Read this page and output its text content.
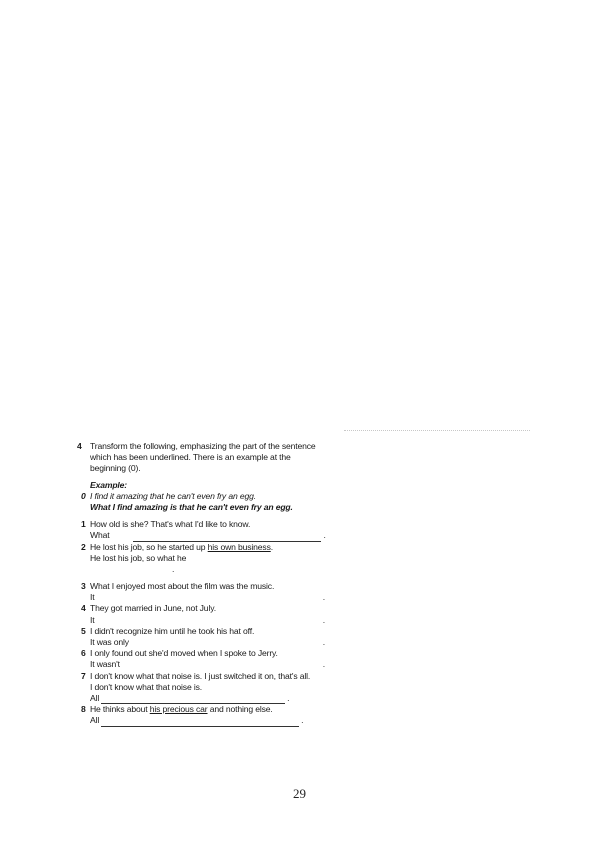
4 Transform the following, emphasizing the part of the sentence which has been underlined. There is an example at the beginning (0).
Example:
0 I find it amazing that he can't even fry an egg.
What I find amazing is that he can't even fry an egg.
1 How old is she? That's what I'd like to know.
What	.
2 He lost his job, so he started up his own business.
He lost his job, so what he
.
3 What I enjoyed most about the film was the music.
It	.
4 They got married in June, not July.
It	.
5 I didn't recognize him until he took his hat off.
It was only	.
6 I only found out she'd moved when I spoke to Jerry.
It wasn't	.
7 I don't know what that noise is. I just switched it on, that's all.
I don't know what that noise is.
All	.
8 He thinks about his precious car and nothing else.
All	.
29
